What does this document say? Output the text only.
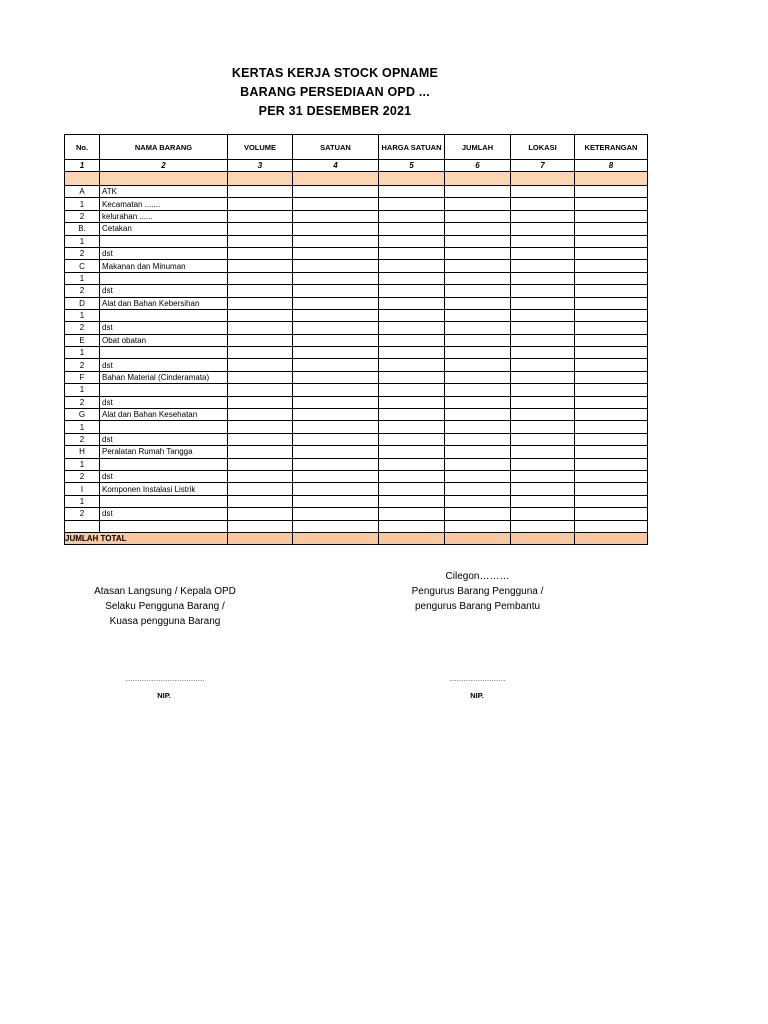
KERTAS KERJA STOCK OPNAME
BARANG PERSEDIAAN OPD ...
PER 31 DESEMBER 2021
No.	NAMA BARANG	VOLUME	SATUAN	HARGA SATUAN	JUMLAH	LOKASI	KETERANGAN
1	2	3	4	5	6	7	8

A	ATK						
1	Kecamatan .......						
2	kelurahan ......						
B.	Cetakan						
1							
2	dst						
C	Makanan dan Minuman						
1							
2	dst						
D	Alat dan Bahan Kebersihan						
1							
2	dst						
E	Obat obatan						
1							
2	dst						
F	Bahan Material (Cinderamata)						
1							
2	dst						
G	Alat dan Bahan Kesehatan						
1							
2	dst						
H	Peralatan Rumah Tangga						
1							
2	dst						
I	Komponen Instalasi Listrik						
1							
2	dst						

JUMLAH TOTAL							
Atasan Langsung / Kepala OPD
Selaku Pengguna Barang /
Kuasa pengguna Barang
…………………………….
NIP.
Cilegon………
Pengurus Barang Pengguna /
pengurus Barang Pembantu
……………………
NIP.
